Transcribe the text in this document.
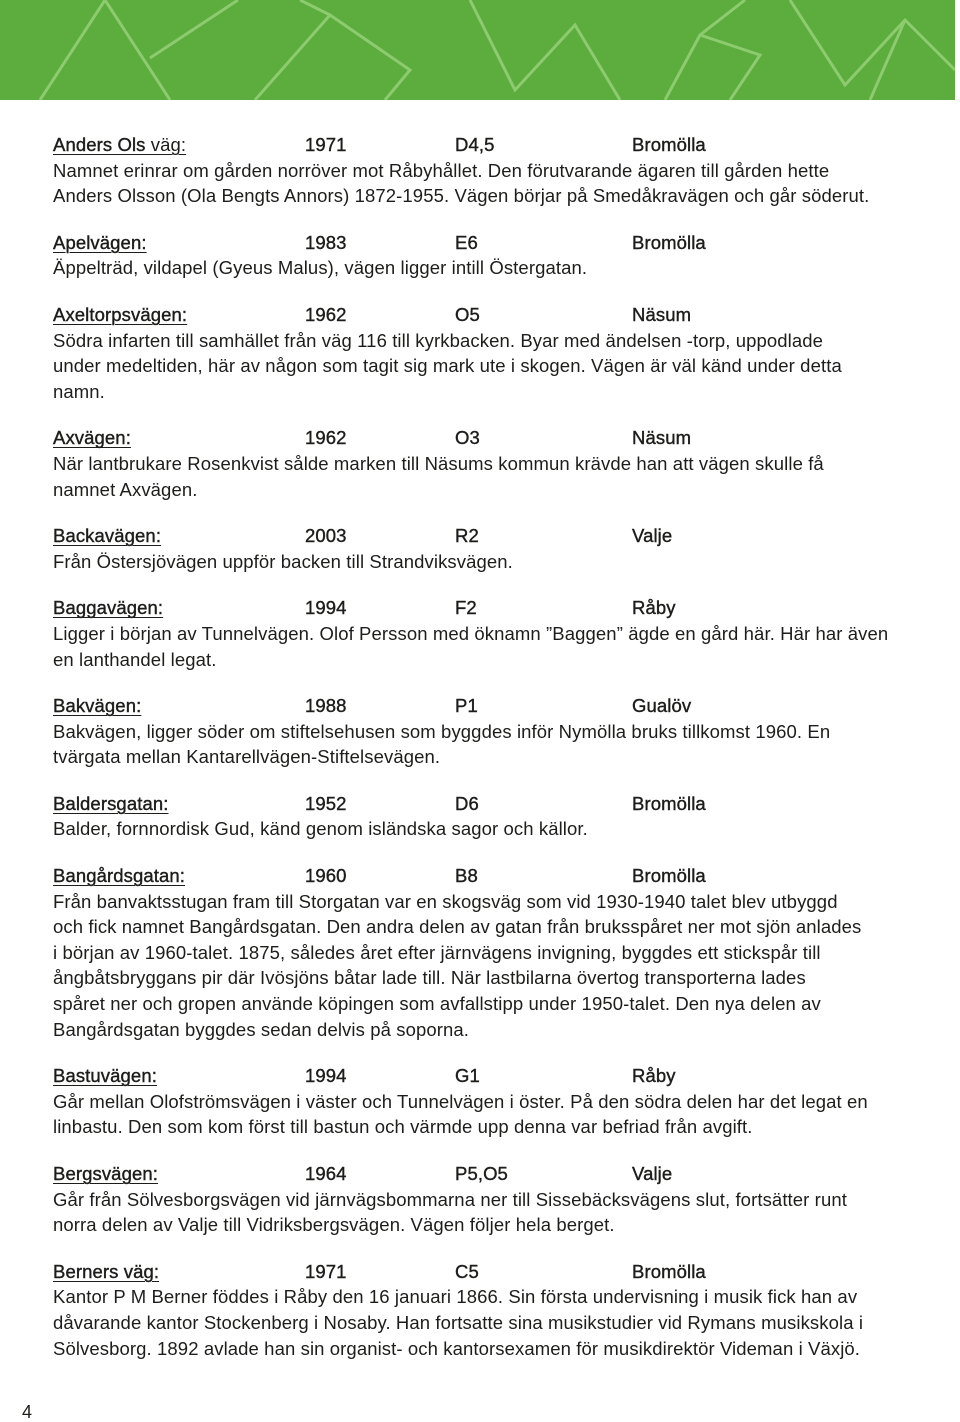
Anders Ols väg:	1971	D4,5	Bromölla
Namnet erinrar om gården norröver mot Råbyhållet. Den förutvarande ägaren till gården hette
Anders Olsson (Ola Bengts Annors) 1872-1955. Vägen börjar på Smedåkravägen och går söderut.
Apelvägen:	1983	E6	Bromölla
Äppelträd, vildapel (Gyeus Malus), vägen ligger intill Östergatan.
Axeltorpsvägen:	1962	O5	Näsum
Södra infarten till samhället från väg 116 till kyrkbacken. Byar med ändelsen -torp, uppodlade
under medeltiden, här av någon som tagit sig mark ute i skogen. Vägen är väl känd under detta
namn.
Axvägen:	1962	O3	Näsum
När lantbrukare Rosenkvist sålde marken till Näsums kommun krävde han att vägen skulle få
namnet Axvägen.
Backavägen:	2003	R2	Valje
Från Östersjövägen uppför backen till Strandviksvägen.
Baggavägen:	1994	F2	Råby
Ligger i början av Tunnelvägen. Olof Persson med öknamn ”Baggen” ägde en gård här. Här har även
en lanthandel legat.
Bakvägen:	1988	P1	Gualöv
Bakvägen, ligger söder om stiftelsehusen som byggdes inför Nymölla bruks tillkomst 1960. En
tvärgata mellan Kantarellvägen-Stiftelsevägen.
Baldersgatan:	1952	D6	Bromölla
Balder, fornnordisk Gud, känd genom isländska sagor och källor.
Bangårdsgatan:	1960	B8	Bromölla
Från banvaktsstugan fram till Storgatan var en skogsväg som vid 1930-1940 talet blev utbyggd
och fick namnet Bangårdsgatan. Den andra delen av gatan från bruksspåret ner mot sjön anlades
i början av 1960-talet. 1875, således året efter järnvägens invigning, byggdes ett stickspår till
ångbåtsbryggans pir där Ivösjöns båtar lade till. När lastbilarna övertog transporterna lades
spåret ner och gropen använde köpingen som avfallstipp under 1950-talet. Den nya delen av
Bangårdsgatan byggdes sedan delvis på soporna.
Bastuvägen:	1994	G1	Råby
Går mellan Olofströmsvägen i väster och Tunnelvägen i öster. På den södra delen har det legat en
linbastu. Den som kom först till bastun och värmde upp denna var befriad från avgift.
Bergsvägen:	1964	P5,O5	Valje
Går från Sölvesborgsvägen vid järnvägsbommarna ner till Sissebäcksvägens slut, fortsätter runt
norra delen av Valje till Vidriksbergsvägen. Vägen följer hela berget.
Berners väg:	1971	C5	Bromölla
Kantor P M Berner föddes i Råby den 16 januari 1866. Sin första undervisning i musik fick han av
dåvarande kantor Stockenberg i Nosaby. Han fortsatte sina musikstudier vid Rymans musikskola i
Sölvesborg. 1892 avlade han sin organist- och kantorsexamen för musikdirektör Videman i Växjö.
4
